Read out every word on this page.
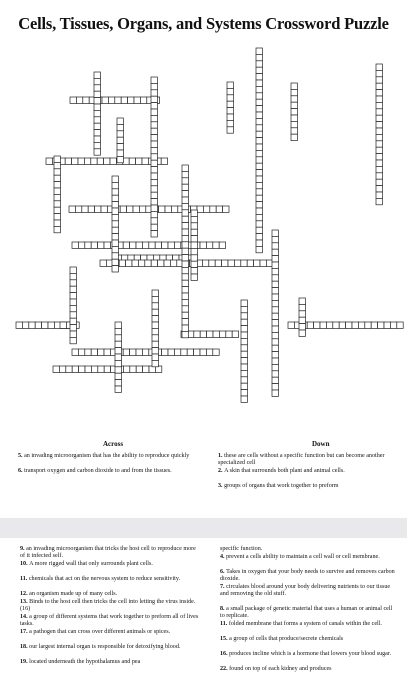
Cells, Tissues, Organs, and Systems Crossword Puzzle
Across	Down
5. an invading microorganism that has the ability to reproduce quickly
6. transport oxygen and carbon dioxide to and from the tissues.
1. these are cells without a specific function but can become another specialized cell
2. A skin that surrounds both plant and animal cells.
3. groups of organs that work together to preform
9. an invading microorganism that tricks the host cell to reproduce more of it infected self.
10. A more rigged wall that only surrounds plant cells.
11. chemicals that act on the nervous system to reduce sensitivity.
12. an organism made up of many cells.
13. Binds to the host cell then tricks the cell into letting the virus inside.(16)
14. a group of different systems that work together to preform all of lives tasks.
17. a pathogen that can cross over different animals or spices.
18. our largest internal organ is responsible for detoxifying blood.
19. located underneath the hypothalamus and pea
specific function.
4. prevent a cells ability to maintain a cell wall or cell membrane.
6. Takes in oxygen that your body needs to survive and removes carbon dioxide.
7. circulates blood around your body delivering nutrients to our tissue and removing the old stuff.
8. a small package of genetic material that uses a human or animal cell to replicate.
11. folded membrane that forms a system of canals within the cell.
15. a group of cells that produce/secrete chemicals
16. produces incline which is a hormone that lowers your blood sugar.
22. found on top of each kidney and produces
